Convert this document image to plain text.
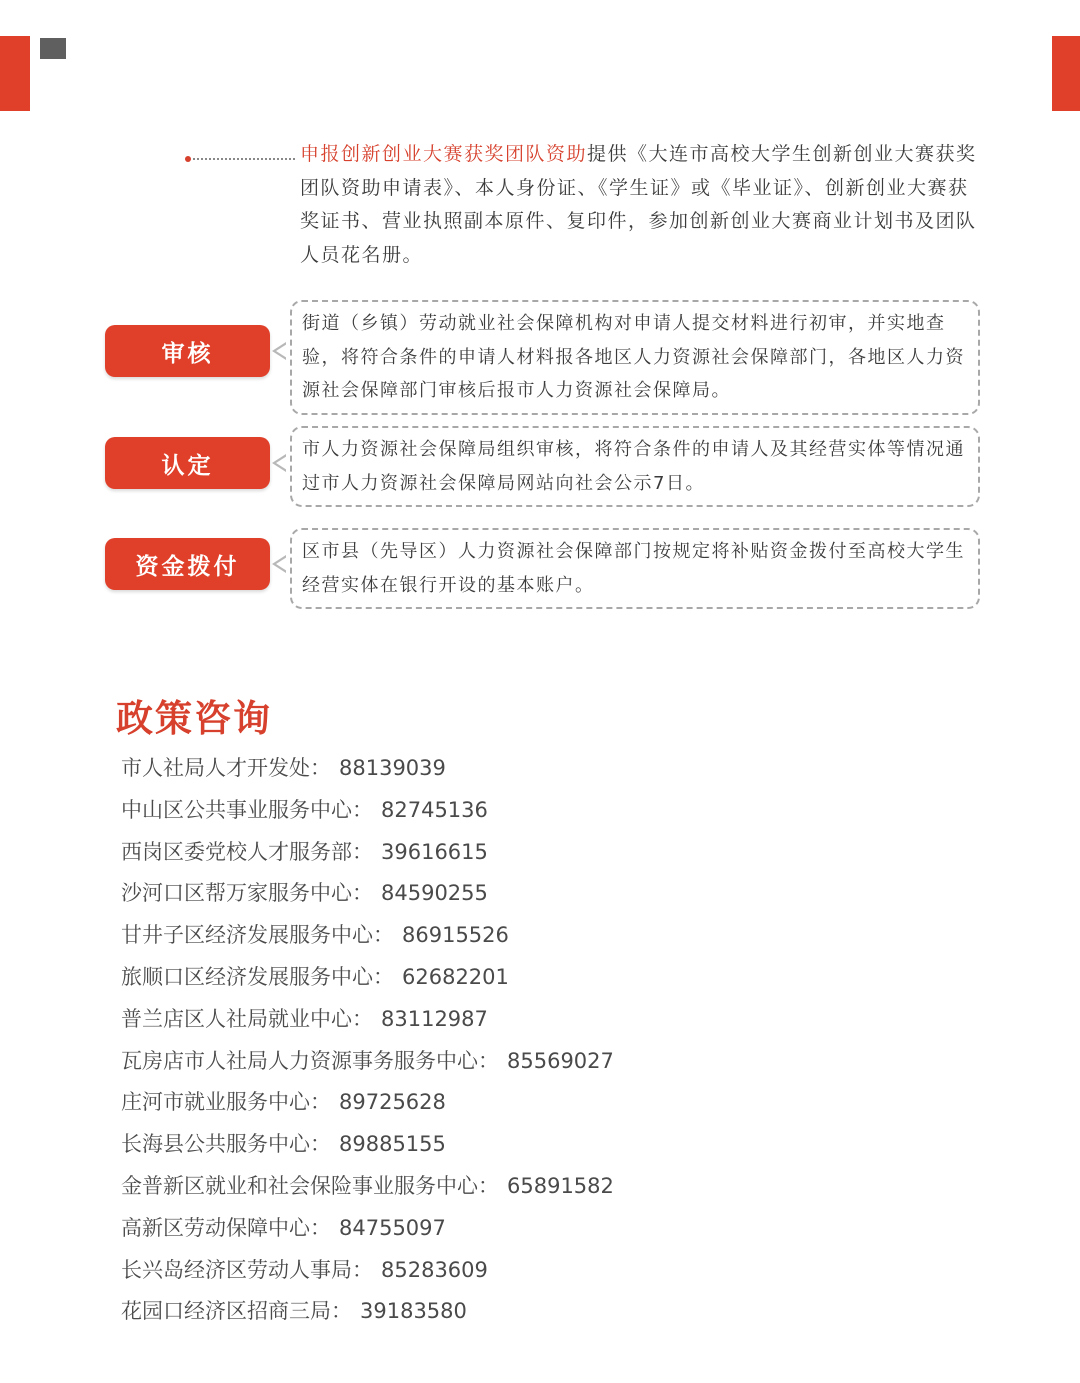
申报创新创业大赛获奖团队资助提供《大连市高校大学生创新创业大赛获奖团队资助申请表》、本人身份证、《学生证》或《毕业证》、创新创业大赛获奖证书、营业执照副本原件、复印件，参加创新创业大赛商业计划书及团队人员花名册。

审核
街道（乡镇）劳动就业社会保障机构对申请人提交材料进行初审，并实地查验，将符合条件的申请人材料报各地区人力资源社会保障部门，各地区人力资源社会保障部门审核后报市人力资源社会保障局。
认定
市人力资源社会保障局组织审核，将符合条件的申请人及其经营实体等情况通过市人力资源社会保障局网站向社会公示7日。
资金拨付
区市县（先导区）人力资源社会保障部门按规定将补贴资金拨付至高校大学生经营实体在银行开设的基本账户。
政策咨询
市人社局人才开发处： 88139039
中山区公共事业服务中心： 82745136
西岗区委党校人才服务部： 39616615
沙河口区帮万家服务中心： 84590255
甘井子区经济发展服务中心： 86915526
旅顺口区经济发展服务中心： 62682201
普兰店区人社局就业中心： 83112987
瓦房店市人社局人力资源事务服务中心： 85569027
庄河市就业服务中心： 89725628
长海县公共服务中心： 89885155
金普新区就业和社会保险事业服务中心： 65891582
高新区劳动保障中心： 84755097
长兴岛经济区劳动人事局： 85283609
花园口经济区招商三局： 39183580
